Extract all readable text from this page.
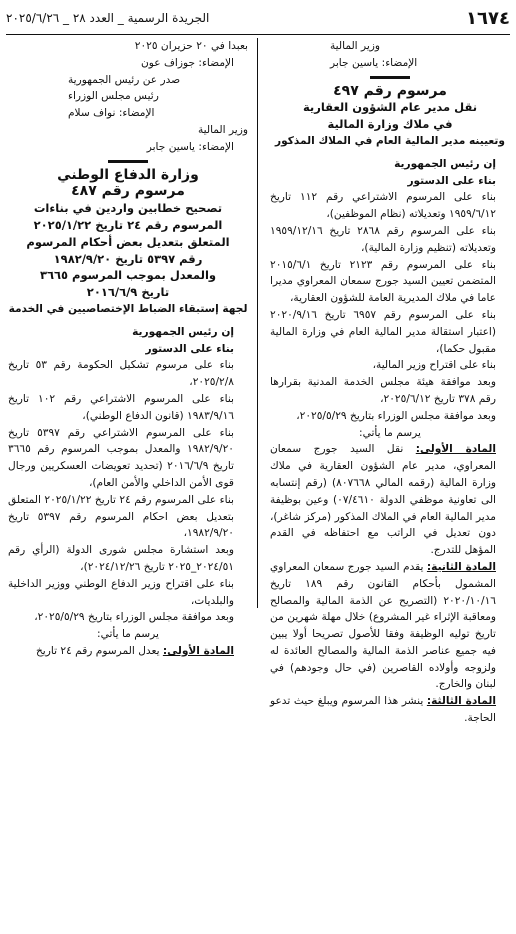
١٦٧٤
الجريدة الرسمية _ العدد ٢٨ _ ٢٠٢٥/٦/٢٦

وزير المالية

الإمضاء: ياسين جابر

مرسوم رقم ٤٩٧

نقل مدير عام الشؤون العقارية

في ملاك وزارة المالية

وتعيينه مدير المالية العام في الملاك المذكور

إن رئيس الجمهورية

بناء على الدستور

بناء على المرسوم الاشتراعي رقم ١١٢ تاريخ ١٩٥٩/٦/١٢ وتعديلاته (نظام الموظفين)،

بناء على المرسوم رقم ٢٨٦٨ تاريخ ١٩٥٩/١٢/١٦ وتعديلاته (تنظيم وزارة المالية)،

بناء على المرسوم رقم ٢١٢٣ تاريخ ٢٠١٥/٦/١ المتضمن تعيين السيد جورج سمعان المعراوي مديرا عاما في ملاك المديرية العامة للشؤون العقارية،

بناء على المرسوم رقم ٦٩٥٧ تاريخ ٢٠٢٠/٩/١٦ (اعتبار استقالة مدير المالية العام في وزارة المالية مقبول حكما)،

بناء على اقتراح وزير المالية،

وبعد موافقة هيئة مجلس الخدمة المدنية بقرارها رقم ٣٧٨ تاريخ ٢٠٢٥/٦/١٢،

وبعد موافقة مجلس الوزراء بتاريخ ٢٠٢٥/٥/٢٩،

يرسم ما يأتي:

المادة الأولى: نقل السيد جورج سمعان المعراوي، مدير عام الشؤون العقارية في ملاك وزارة المالية (رقمه المالي ٨٠٧٦٦٨) (رقم إنتسابه الى تعاونية موظفي الدولة ٠٧/٤٦١٠) وعين بوظيفة مدير المالية العام في الملاك المذكور (مركز شاغر)، دون تعديل في الراتب مع احتفاظه في القدم المؤهل للتدرج.

المادة الثانية: يقدم السيد جورج سمعان المعراوي المشمول بأحكام القانون رقم ١٨٩ تاريخ ٢٠٢٠/١٠/١٦ (التصريح عن الذمة المالية والمصالح ومعاقبة الإثراء غير المشروع) خلال مهلة شهرين من تاريخ توليه الوظيفة وفقا للأصول تصريحا أولا يبين فيه جميع عناصر الذمة المالية والمصالح العائدة له ولزوجه وأولاده القاصرين (في حال وجودهم) في لبنان والخارج.

المادة الثالثة: ينشر هذا المرسوم ويبلغ حيث تدعو الحاجة.

بعبدا في ٢٠ حزيران ٢٠٢٥

الإمضاء: جوزاف عون

صدر عن رئيس الجمهورية

رئيس مجلس الوزراء

الإمضاء: نواف سلام

وزير المالية

الإمضاء: ياسين جابر

وزارة الدفاع الوطني

مرسوم رقم ٤٨٧

تصحيح خطابين واردين في بناءات

المرسوم رقم ٢٤ تاريخ ٢٠٢٥/١/٢٢

المتعلق بتعديل بعض أحكام المرسوم

رقم ٥٣٩٧ تاريخ ١٩٨٢/٩/٢٠

والمعدل بموجب المرسوم ٣٦٦٥

تاريخ ٢٠١٦/٦/٩

لجهة إستبقاء الضباط الإختصاصيين في الخدمة

إن رئيس الجمهورية

بناء على الدستور

بناء على مرسوم تشكيل الحكومة رقم ٥٣ تاريخ ٢٠٢٥/٢/٨،

بناء على المرسوم الاشتراعي رقم ١٠٢ تاريخ ١٩٨٣/٩/١٦ (قانون الدفاع الوطني)،

بناء على المرسوم الاشتراعي رقم ٥٣٩٧ تاريخ ١٩٨٢/٩/٢٠ والمعدل بموجب المرسوم رقم ٣٦٦٥ تاريخ ٢٠١٦/٦/٩ (تحديد تعويضات العسكريين ورجال قوى الأمن الداخلي والأمن العام)،

بناء على المرسوم رقم ٢٤ تاريخ ٢٠٢٥/١/٢٢ المتعلق بتعديل بعض احكام المرسوم رقم ٥٣٩٧ تاريخ ١٩٨٢/٩/٢٠،

وبعد استشارة مجلس شورى الدولة (الرأي رقم ٢٠٢٤/٥١_٢٠٢٥ تاريخ ٢٠٢٤/١٢/٢٦)،

بناء على اقتراح وزير الدفاع الوطني ووزير الداخلية والبلديات،

وبعد موافقة مجلس الوزراء بتاريخ ٢٠٢٥/٥/٢٩،

يرسم ما يأتي:

المادة الأولى: يعدل المرسوم رقم ٢٤ تاريخ
